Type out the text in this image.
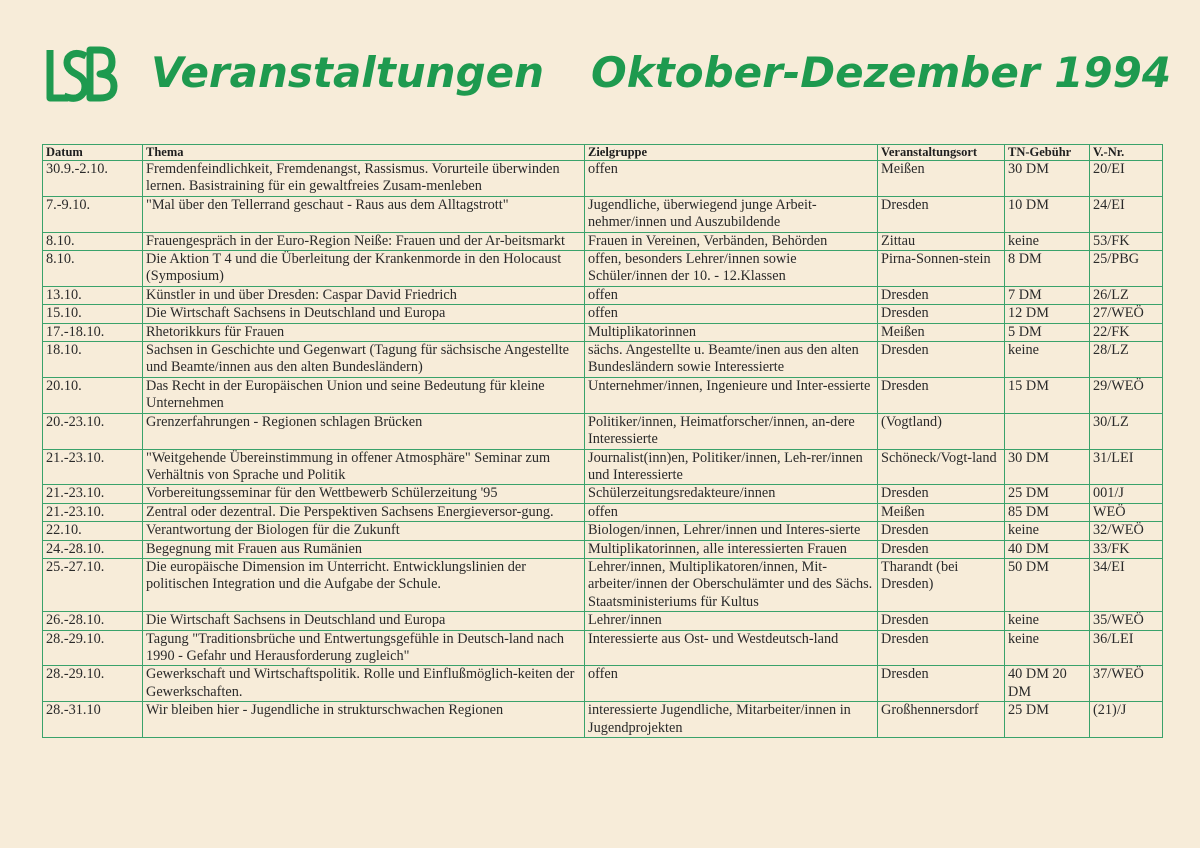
Veranstaltungen Oktober-Dezember 1994
Datum	Thema	Zielgruppe	Veranstaltungsort	TN-Gebühr	V.-Nr.
30.9.-2.10.	Fremdenfeindlichkeit, Fremdenangst, Rassismus. Vorurteile überwinden lernen. Basistraining für ein gewaltfreies Zusam-menleben	offen	Meißen	30 DM	20/EI
7.-9.10.	"Mal über den Tellerrand geschaut - Raus aus dem Alltagstrott"	Jugendliche, überwiegend junge Arbeit-nehmer/innen und Auszubildende	Dresden	10 DM	24/EI
8.10.	Frauengespräch in der Euro-Region Neiße: Frauen und der Ar-beitsmarkt	Frauen in Vereinen, Verbänden, Behörden	Zittau	keine	53/FK
8.10.	Die Aktion T 4 und die Überleitung der Krankenmorde in den Holocaust (Symposium)	offen, besonders Lehrer/innen sowie Schüler/innen der 10. - 12.Klassen	Pirna-Sonnen-stein	8 DM	25/PBG
13.10.	Künstler in und über Dresden: Caspar David Friedrich	offen	Dresden	7 DM	26/LZ
15.10.	Die Wirtschaft Sachsens in Deutschland und Europa	offen	Dresden	12 DM	27/WEÖ
17.-18.10.	Rhetorikkurs für Frauen	Multiplikatorinnen	Meißen	5 DM	22/FK
18.10.	Sachsen in Geschichte und Gegenwart (Tagung für sächsische Angestellte und Beamte/innen aus den alten Bundesländern)	sächs. Angestellte u. Beamte/inen aus den alten Bundesländern sowie Interessierte	Dresden	keine	28/LZ
20.10.	Das Recht in der Europäischen Union und seine Bedeutung für kleine Unternehmen	Unternehmer/innen, Ingenieure und Inter-essierte	Dresden	15 DM	29/WEÖ
20.-23.10.	Grenzerfahrungen - Regionen schlagen Brücken	Politiker/innen, Heimatforscher/innen, an-dere Interessierte	(Vogtland)		30/LZ
21.-23.10.	"Weitgehende Übereinstimmung in offener Atmosphäre" Seminar zum Verhältnis von Sprache und Politik	Journalist(inn)en, Politiker/innen, Leh-rer/innen und Interessierte	Schöneck/Vogt-land	30 DM	31/LEI
21.-23.10.	Vorbereitungsseminar für den Wettbewerb Schülerzeitung '95	Schülerzeitungsredakteure/innen	Dresden	25 DM	001/J
21.-23.10.	Zentral oder dezentral. Die Perspektiven Sachsens Energieversor-gung.	offen	Meißen	85 DM	WEÖ
22.10.	Verantwortung der Biologen für die Zukunft	Biologen/innen, Lehrer/innen und Interes-sierte	Dresden	keine	32/WEÖ
24.-28.10.	Begegnung mit Frauen aus Rumänien	Multiplikatorinnen, alle interessierten Frauen	Dresden	40 DM	33/FK
25.-27.10.	Die europäische Dimension im Unterricht. Entwicklungslinien der politischen Integration und die Aufgabe der Schule.	Lehrer/innen, Multiplikatoren/innen, Mit-arbeiter/innen der Oberschulämter und des Sächs. Staatsministeriums für Kultus	Tharandt (bei Dresden)	50 DM	34/EI
26.-28.10.	Die Wirtschaft Sachsens in Deutschland und Europa	Lehrer/innen	Dresden	keine	35/WEÖ
28.-29.10.	Tagung "Traditionsbrüche und Entwertungsgefühle in Deutsch-land nach 1990 - Gefahr und Herausforderung zugleich"	Interessierte aus Ost- und Westdeutsch-land	Dresden	keine	36/LEI
28.-29.10.	Gewerkschaft und Wirtschaftspolitik. Rolle und Einflußmöglich-keiten der Gewerkschaften.	offen	Dresden	40 DM 20 DM	37/WEÖ
28.-31.10	Wir bleiben hier - Jugendliche in strukturschwachen Regionen	interessierte Jugendliche, Mitarbeiter/innen in Jugendprojekten	Großhennersdorf	25 DM	(21)/J
